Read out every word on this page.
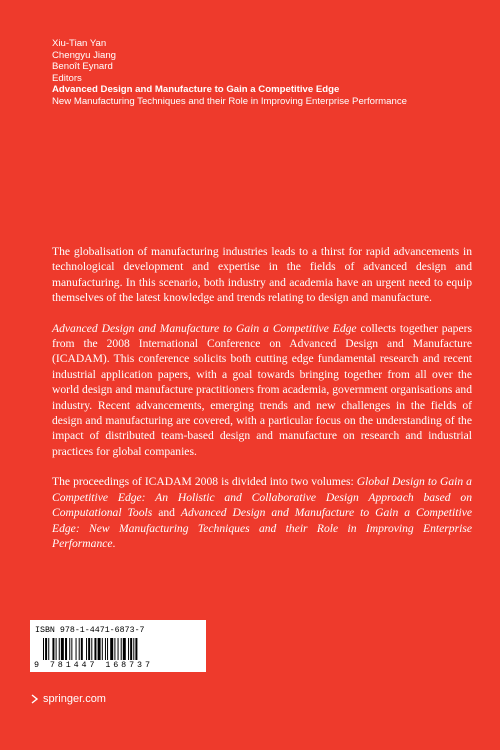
Xiu-Tian Yan
Chengyu Jiang
Benoît Eynard
Editors
Advanced Design and Manufacture to Gain a Competitive Edge
New Manufacturing Techniques and their Role in Improving Enterprise Performance

The globalisation of manufacturing industries leads to a thirst for rapid advancements in technological development and expertise in the fields of advanced design and manufacturing. In this scenario, both industry and academia have an urgent need to equip themselves of the latest knowledge and trends relating to design and manufacture.

Advanced Design and Manufacture to Gain a Competitive Edge collects together papers from the 2008 International Conference on Advanced Design and Manufacture (ICADAM). This conference solicits both cutting edge fundamental research and recent industrial application papers, with a goal towards bringing together from all over the world design and manufacture practitioners from academia, government organisations and industry. Recent advancements, emerging trends and new challenges in the fields of design and manufacturing are covered, with a particular focus on the understanding of the impact of distributed team-based design and manufacture on research and industrial practices for global companies.

The proceedings of ICADAM 2008 is divided into two volumes: Global Design to Gain a Competitive Edge: An Holistic and Collaborative Design Approach based on Computational Tools and Advanced Design and Manufacture to Gain a Competitive Edge: New Manufacturing Techniques and their Role in Improving Enterprise Performance.

ISBN 978-1-4471-6873-7
9 781447 168737
springer.com
